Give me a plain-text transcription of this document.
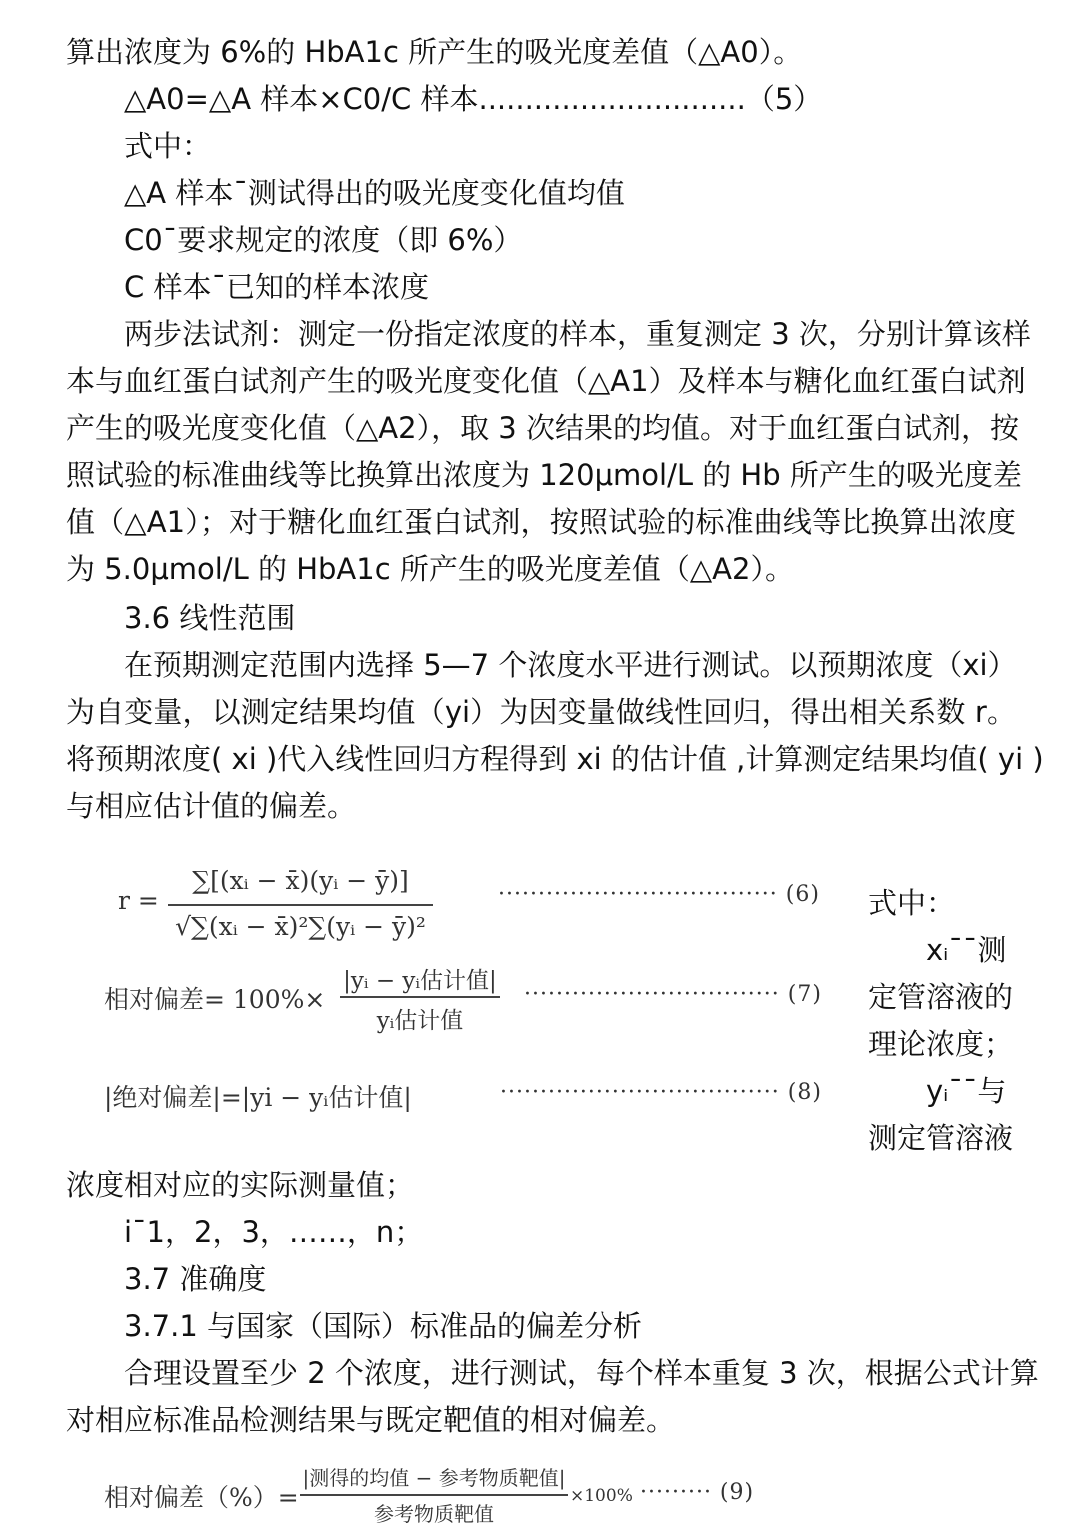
算出浓度为 6%的 HbA1c 所产生的吸光度差值（△A0）。
△A0=△A 样本×C0/C 样本.............................（5）
式中：
△A 样本¯测试得出的吸光度变化值均值
C0¯要求规定的浓度（即 6%）
C 样本¯已知的样本浓度
两步法试剂：测定一份指定浓度的样本，重复测定 3 次，分别计算该样
本与血红蛋白试剂产生的吸光度变化值（△A1）及样本与糖化血红蛋白试剂
产生的吸光度变化值（△A2），取 3 次结果的均值。对于血红蛋白试剂，按
照试验的标准曲线等比换算出浓度为 120μmol/L 的 Hb 所产生的吸光度差
值（△A1）；对于糖化血红蛋白试剂，按照试验的标准曲线等比换算出浓度
为 5.0μmol/L 的 HbA1c 所产生的吸光度差值（△A2）。
3.6 线性范围
在预期测定范围内选择 5—7 个浓度水平进行测试。以预期浓度（xi）
为自变量，以测定结果均值（yi）为因变量做线性回归，得出相关系数 r。
将预期浓度( xi )代入线性回归方程得到 xi 的估计值 ,计算测定结果均值( yi )
与相应估计值的偏差。
r =
∑[(xᵢ − x̄)(yᵢ − ȳ)]
√∑(xᵢ − x̄)²∑(yᵢ − ȳ)²
··································· (6)
相对偏差= 100%×
|yᵢ − yᵢ估计值|
yᵢ估计值
································ (7)
|绝对偏差|=|yi − yᵢ估计值|	··································· (8)
式中：
xᵢ¯¯测
定管溶液的
理论浓度；
yᵢ¯¯与
测定管溶液
浓度相对应的实际测量值；
i¯1，2，3，……，n；
3.7 准确度
3.7.1 与国家（国际）标准品的偏差分析
合理设置至少 2 个浓度，进行测试，每个样本重复 3 次，根据公式计算
对相应标准品检测结果与既定靶值的相对偏差。
相对偏差（%）=
|测得的均值 − 参考物质靶值|
参考物质靶值
×100% ········· (9)
